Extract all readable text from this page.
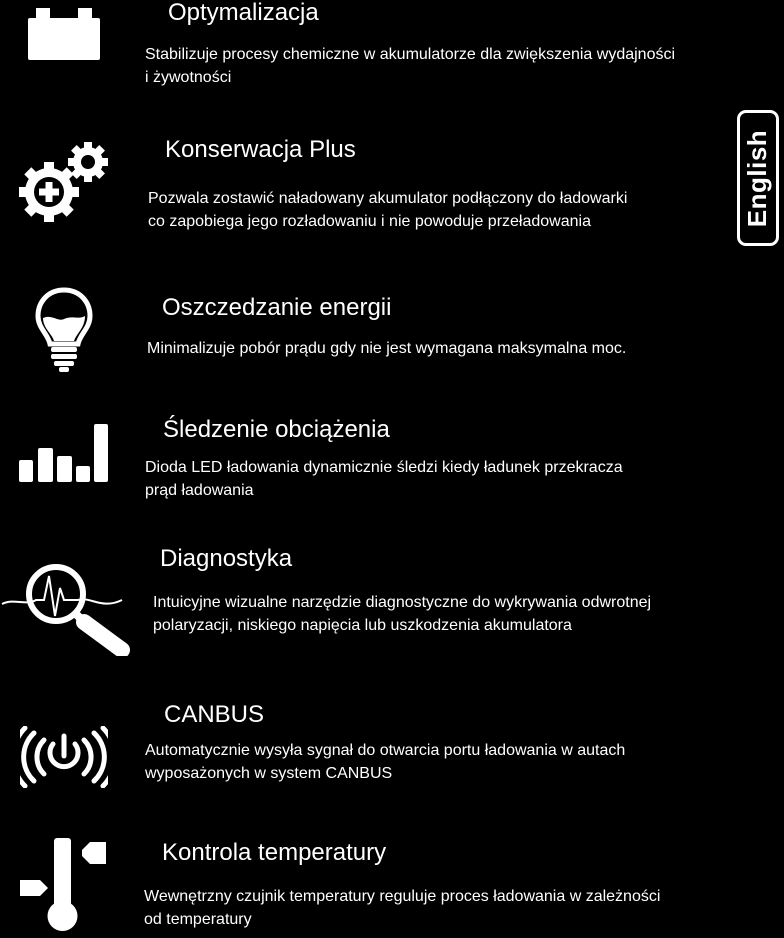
Optymalizacja
Stabilizuje procesy chemiczne w akumulatorze dla zwiększenia wydajności
i żywotności
Konserwacja Plus
Pozwala zostawić naładowany akumulator podłączony do ładowarki
co zapobiega jego rozładowaniu i nie powoduje przeładowania	English
Oszczedzanie energii
Minimalizuje pobór prądu gdy nie jest wymagana maksymalna moc.
Śledzenie obciążenia
Dioda LED ładowania dynamicznie śledzi kiedy ładunek przekracza
prąd ładowania
Diagnostyka
Intuicyjne wizualne narzędzie diagnostyczne do wykrywania odwrotnej
polaryzacji, niskiego napięcia lub uszkodzenia akumulatora
CANBUS
Automatycznie wysyła sygnał do otwarcia portu ładowania w autach
wyposażonych w system CANBUS
Kontrola temperatury
Wewnętrzny czujnik temperatury reguluje proces ładowania w zależności
od temperatury
